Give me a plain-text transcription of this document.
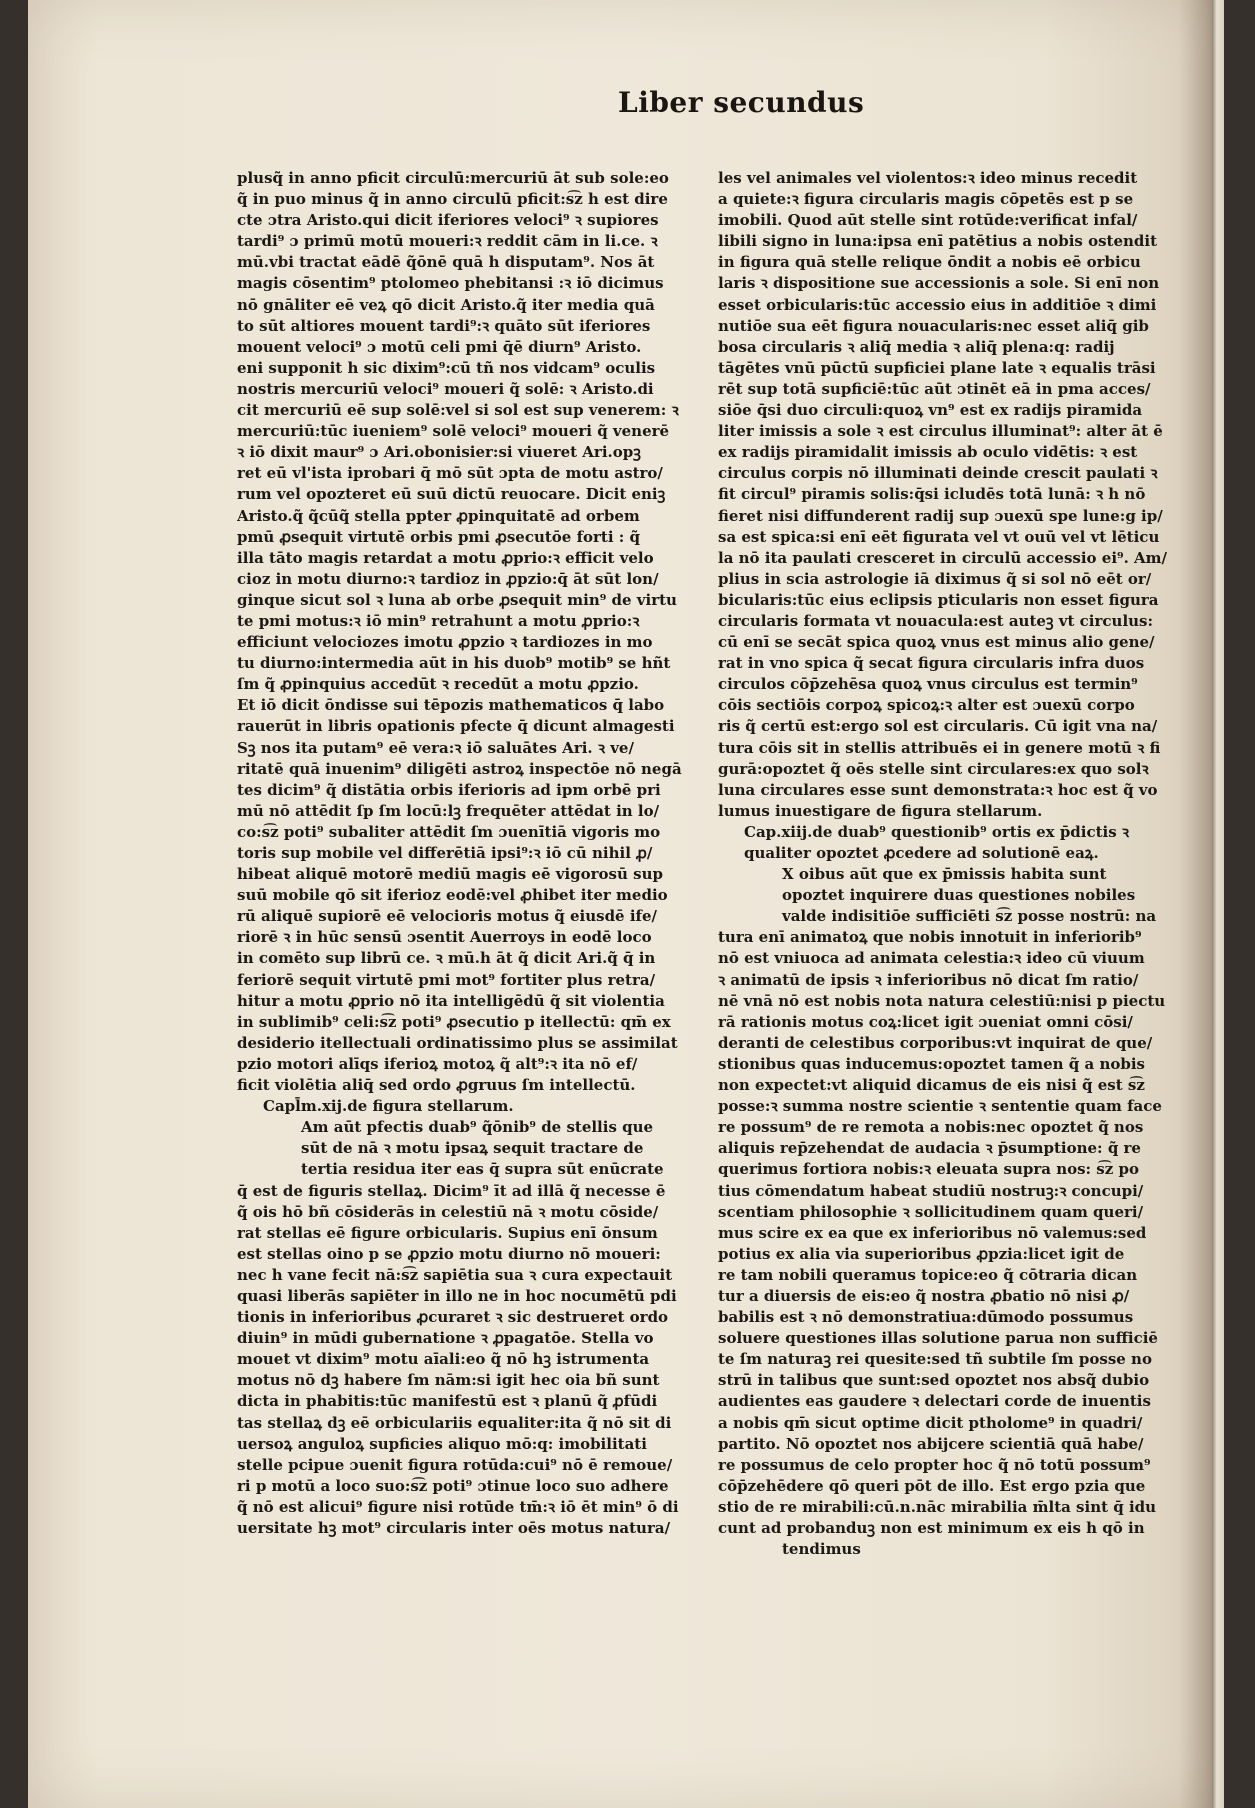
Liber secundus
plusq̃ in anno pficit circulū:mercuriū āt sub sole:eo
q̃ in puo minus q̃ in anno circulū pficit:s͡z h est dire
cte ɔtra Aristo.qui dicit iferiores veloci⁹ ꝛ supiores
tardi⁹ ɔ primū motū moueri:ꝛ reddit cām in li.ce. ꝛ
mū.vbi tractat eādē q̃ōnē quā h disputam⁹. Nos āt
magis cōsentim⁹ ptolomeo phebitansi :ꝛ iō dicimus
nō gnāliter eē veꝝ qō dicit Aristo.q̃ iter media quā
to sūt altiores mouent tardi⁹:ꝛ quāto sūt iferiores
mouent veloci⁹ ɔ motū celi pmi q̄ē diurn⁹ Aristo.
eni supponit h sic dixim⁹:cū tñ nos vidcam⁹ oculis
nostris mercuriū veloci⁹ moueri q̃ solē: ꝛ Aristo.di
cit mercuriū eē sup solē:vel si sol est sup venerem: ꝛ
mercuriū:tūc iueniem⁹ solē veloci⁹ moueri q̃ venerē
ꝛ iō dixit maur⁹ ɔ Ari.obonisier:si viueret Ari.opꝫ
ret eū vl'ista iprobari q̄ mō sūt ɔpta de motu astro/
rum vel opozteret eū suū dictū reuocare. Dicit eniꝫ
Aristo.q̃ q̃cūq̃ stella ppter ꝓpinquitatē ad orbem
pmū ꝓsequit virtutē orbis pmi ꝓsecutōe forti : q̃
illa tāto magis retardat a motu ꝓprio:ꝛ efficit velo
cioz in motu diurno:ꝛ tardioz in ꝓpzio:q̄ āt sūt lon/
ginque sicut sol ꝛ luna ab orbe ꝓsequit min⁹ de virtu
te pmi motus:ꝛ iō min⁹ retrahunt a motu ꝓprio:ꝛ
efficiunt velociozes imotu ꝓpzio ꝛ tardiozes in mo
tu diurno:intermedia aūt in his duob⁹ motib⁹ se hñt
ſm q̃ ꝓpinquius accedūt ꝛ recedūt a motu ꝓpzio.
Et iō dicit ōndisse sui tēpozis mathematicos q̄ labo
rauerūt in libris opationis pfecte q̄ dicunt almagesti
Sꝫ nos ita putam⁹ eē vera:ꝛ iō saluātes Ari. ꝛ ve/
ritatē quā inuenim⁹ diligēti astroꝝ inspectōe nō negā
tes dicim⁹ q̃ distātia orbis iferioris ad ipm orbē pri
mū nō attēdit ſp ſm locū:lꝫ frequēter attēdat in lo/
co:s͡z poti⁹ subaliter attēdit ſm ɔuenītiā vigoris mo
toris sup mobile vel differētiā ipsi⁹:ꝛ iō cū nihil ꝓ/
hibeat aliquē motorē mediū magis eē vigorosū sup
suū mobile qō sit iferioz eodē:vel ꝓhibet iter medio
rū aliquē supiorē eē velocioris motus q̃ eiusdē ife/
riorē ꝛ in hūc sensū ɔsentit Auerroys in eodē loco
in comēto sup librū ce. ꝛ mū.h āt q̃ dicit Ari.q̃ q̄ in
feriorē sequit virtutē pmi mot⁹ fortiter plus retra/
hitur a motu ꝓprio nō ita intelligēdū q̃ sit violentia
in sublimib⁹ celi:s͡z poti⁹ ꝓsecutio p itellectū: qm̄ ex
desiderio itellectuali ordinatissimo plus se assimilat
pzio motori alīqs iferioꝝ motoꝝ q̃ alt⁹:ꝛ ita nō ef/
ficit violētia aliq̄ sed ordo ꝓgruus ſm intellectū.
Capl̄m.xij.de figura stellarum.
Am aūt pfectis duab⁹ q̃ōnib⁹ de stellis que
sūt de nā ꝛ motu ipsaꝝ sequit tractare de
tertia residua iter eas q̄ supra sūt enūcrate
q̄ est de figuris stellaꝝ. Dicim⁹ īt ad illā q̃ necesse ē
q̃ ois hō bñ cōsiderās in celestiū nā ꝛ motu cōside/
rat stellas eē figure orbicularis. Supius enī ōnsum
est stellas oino p se ꝓpzio motu diurno nō moueri:
nec h vane fecit nā:s͡z sapiētia sua ꝛ cura expectauit
quasi liberās sapiēter in illo ne in hoc nocumētū pdi
tionis in inferioribus ꝓcuraret ꝛ sic destrueret ordo
diuin⁹ in mūdi gubernatione ꝛ ꝓpagatōe. Stella vo
mouet vt dixim⁹ motu aīali:eo q̃ nō hꝫ istrumenta
motus nō dꝫ habere ſm nām:si igit hec oia bñ sunt
dicta in phabitis:tūc manifestū est ꝛ planū q̃ ꝓfūdi
tas stellaꝝ dꝫ eē orbiculariis equaliter:ita q̃ nō sit di
uersoꝝ anguloꝝ supficies aliquo mō:q: imobilitati
stelle pcipue ɔuenit figura rotūda:cui⁹ nō ē remoue/
ri p motū a loco suo:s͡z poti⁹ ɔtinue loco suo adhere
q̃ nō est alicui⁹ figure nisi rotūde tm̄:ꝛ iō ēt min⁹ ō di
uersitate hꝫ mot⁹ circularis inter oēs motus natura/
les vel animales vel violentos:ꝛ ideo minus recedit
a quiete:ꝛ figura circularis magis cōpetēs est p se
imobili. Quod aūt stelle sint rotūde:verificat infal/
libili signo in luna:ipsa enī patētius a nobis ostendit
in figura quā stelle relique ōndit a nobis eē orbicu
laris ꝛ dispositione sue accessionis a sole. Si enī non
esset orbicularis:tūc accessio eius in additiōe ꝛ dimi
nutiōe sua eēt figura nouacularis:nec esset aliq̄ gib
bosa circularis ꝛ aliq̄ media ꝛ aliq̄ plena:q: radij
tāgētes vnū pūctū supficiei plane late ꝛ equalis trāsi
rēt sup totā supficiē:tūc aūt ɔtinēt eā in pma acces/
siōe q̄si duo circuli:quoꝝ vn⁹ est ex radijs piramida
liter imissis a sole ꝛ est circulus illuminat⁹: alter āt ē
ex radijs piramidalit imissis ab oculo vidētis: ꝛ est
circulus corpis nō illuminati deinde crescit paulati ꝛ
fit circul⁹ piramis solis:q̄si icludēs totā lunā: ꝛ h nō
fieret nisi diffunderent radij sup ɔuexū spe lune:g ip/
sa est spica:si enī eēt figurata vel vt ouū vel vt lēticu
la nō ita paulati cresceret in circulū accessio ei⁹. Am/
plius in scia astrologie iā diximus q̃ si sol nō eēt or/
bicularis:tūc eius eclipsis pticularis non esset figura
circularis formata vt nouacula:est auteꝫ vt circulus:
cū enī se secāt spica quoꝝ vnus est minus alio gene/
rat in vno spica q̃ secat figura circularis infra duos
circulos cōp̄zehēsa quoꝝ vnus circulus est termin⁹
cōis sectiōis corpoꝝ spicoꝝ:ꝛ alter est ɔuexū corpo
ris q̃ certū est:ergo sol est circularis. Cū igit vna na/
tura cōis sit in stellis attribuēs ei in genere motū ꝛ fi
gurā:opoztet q̃ oēs stelle sint circulares:ex quo solꝛ
luna circulares esse sunt demonstrata:ꝛ hoc est q̃ vo
lumus inuestigare de figura stellarum.
Cap.xiij.de duab⁹ questionib⁹ ortis ex p̄dictis ꝛ
qualiter opoztet ꝓcedere ad solutionē eaꝝ.
X oibus aūt que ex p̄missis habita sunt
opoztet inquirere duas questiones nobiles
valde indisitiōe sufficiēti s͡z posse nostrū: na
tura enī animatoꝝ que nobis innotuit in inferiorib⁹
nō est vniuoca ad animata celestia:ꝛ ideo cū viuum
ꝛ animatū de ipsis ꝛ inferioribus nō dicat ſm ratio/
nē vnā nō est nobis nota natura celestiū:nisi p piectu
rā rationis motus coꝝ:licet igit ɔueniat omni cōsi/
deranti de celestibus corporibus:vt inquirat de que/
stionibus quas inducemus:opoztet tamen q̃ a nobis
non expectet:vt aliquid dicamus de eis nisi q̃ est s͡z
posse:ꝛ summa nostre scientie ꝛ sententie quam face
re possum⁹ de re remota a nobis:nec opoztet q̃ nos
aliquis rep̄zehendat de audacia ꝛ p̄sumptione: q̃ re
querimus fortiora nobis:ꝛ eleuata supra nos: s͡z po
tius cōmendatum habeat studiū nostruꝫ:ꝛ concupi/
scentiam philosophie ꝛ sollicitudinem quam queri/
mus scire ex ea que ex inferioribus nō valemus:sed
potius ex alia via superioribus ꝓpzia:licet igit de
re tam nobili queramus topice:eo q̃ cōtraria dican
tur a diuersis de eis:eo q̃ nostra ꝓbatio nō nisi ꝓ/
babilis est ꝛ nō demonstratiua:dūmodo possumus
soluere questiones illas solutione parua non sufficiē
te ſm naturaꝫ rei quesite:sed tñ subtile ſm posse no
strū in talibus que sunt:sed opoztet nos absq̃ dubio
audientes eas gaudere ꝛ delectari corde de inuentis
a nobis qm̄ sicut optime dicit ptholome⁹ in quadri/
partito. Nō opoztet nos abijcere scientiā quā habe/
re possumus de celo propter hoc q̃ nō totū possum⁹
cōp̄zehēdere qō queri pōt de illo. Est ergo pzia que
stio de re mirabili:cū.n.nāc mirabilia m̄lta sint q̄ idu
cunt ad probanduꝫ non est minimum ex eis h qō in
tendimus
